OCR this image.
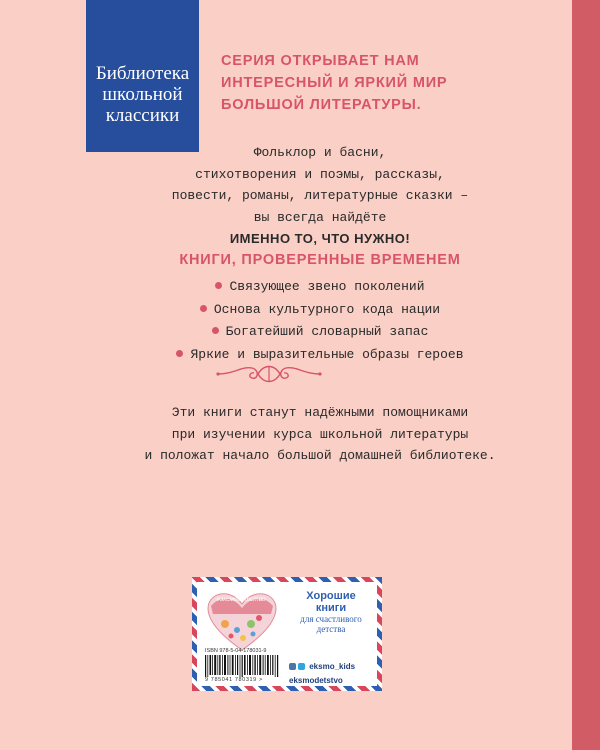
Библиотека
школьной
классики
СЕРИЯ ОТКРЫВАЕТ НАМ
ИНТЕРЕСНЫЙ И ЯРКИЙ МИР
БОЛЬШОЙ ЛИТЕРАТУРЫ.
Фольклор и басни,
стихотворения и поэмы, рассказы,
повести, романы, литературные сказки –
вы всегда найдёте
ИМЕННО ТО, ЧТО НУЖНО!
КНИГИ, ПРОВЕРЕННЫЕ ВРЕМЕНЕМ
Связующее звено поколений
Основа культурного кода нации
Богатейший словарный запас
Яркие и выразительные образы героев
Эти книги станут надёжными помощниками
при изучении курса школьной литературы
и положат начало большой домашней библиотеке.
#эксмодетство	Хорошие
книги
для счастливого
детства
ISBN 978-5-04-178031-9
9 785041 780319 >
eksmo_kids
eksmodetstvo
